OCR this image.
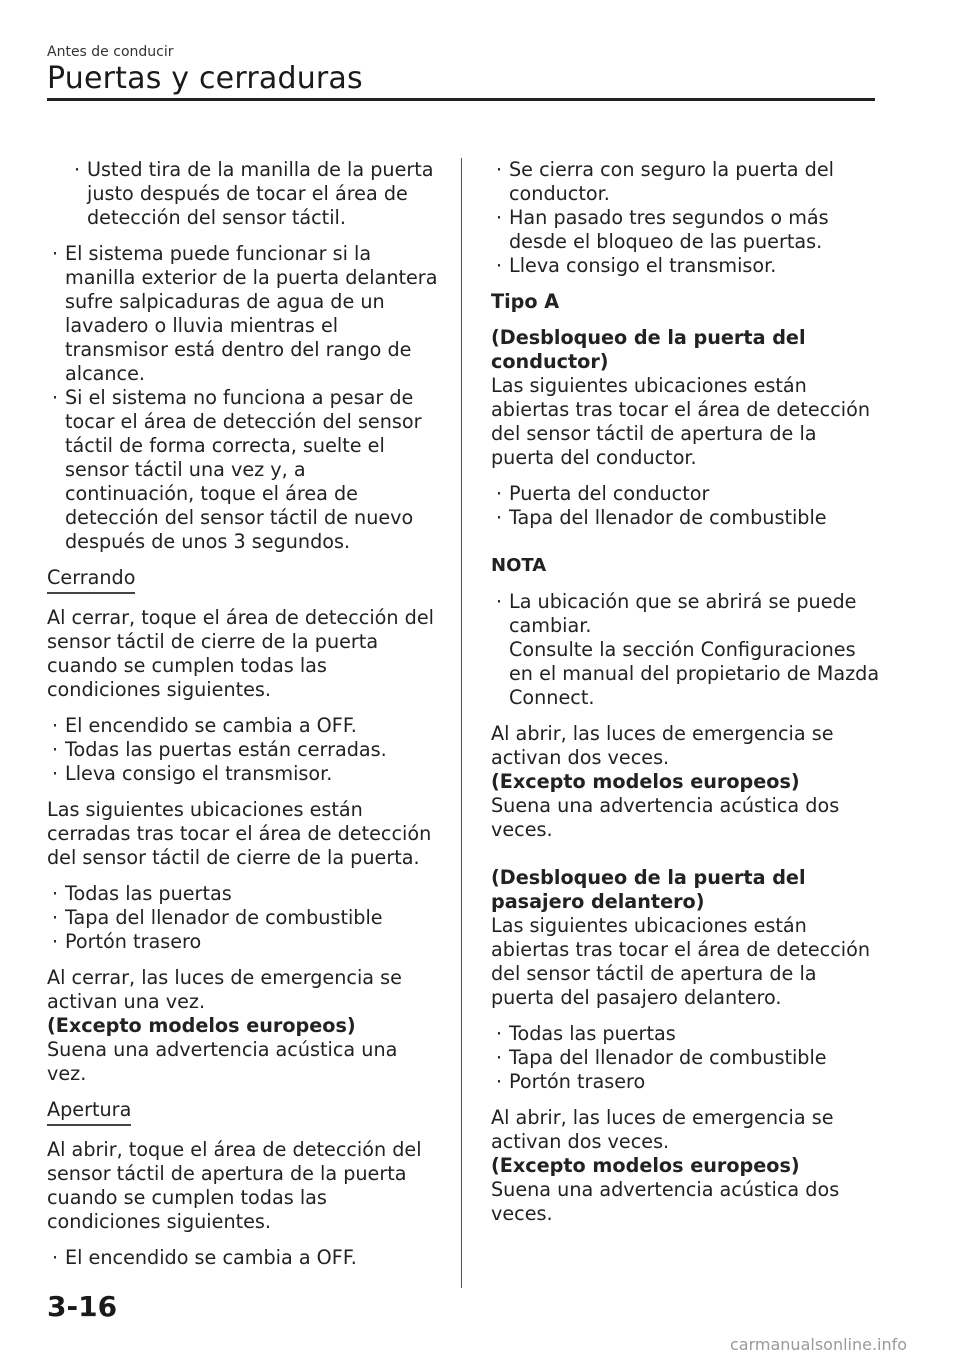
Antes de conducir
Puertas y cerraduras
· Usted tira de la manilla de la puerta justo después de tocar el área de detección del sensor táctil.
· El sistema puede funcionar si la manilla exterior de la puerta delantera sufre salpicaduras de agua de un lavadero o lluvia mientras el transmisor está dentro del rango de alcance.
· Si el sistema no funciona a pesar de tocar el área de detección del sensor táctil de forma correcta, suelte el sensor táctil una vez y, a continuación, toque el área de detección del sensor táctil de nuevo después de unos 3 segundos.
Cerrando

Al cerrar, toque el área de detección del sensor táctil de cierre de la puerta cuando se cumplen todas las condiciones siguientes.

· El encendido se cambia a OFF.
· Todas las puertas están cerradas.
· Lleva consigo el transmisor.

Las siguientes ubicaciones están cerradas tras tocar el área de detección del sensor táctil de cierre de la puerta.

· Todas las puertas
· Tapa del llenador de combustible
· Portón trasero

Al cerrar, las luces de emergencia se activan una vez.
(Excepto modelos europeos)
Suena una advertencia acústica una vez.

Apertura

Al abrir, toque el área de detección del sensor táctil de apertura de la puerta cuando se cumplen todas las condiciones siguientes.

· El encendido se cambia a OFF.
· Se cierra con seguro la puerta del conductor.
· Han pasado tres segundos o más desde el bloqueo de las puertas.
· Lleva consigo el transmisor.

Tipo A

(Desbloqueo de la puerta del conductor)
Las siguientes ubicaciones están abiertas tras tocar el área de detección del sensor táctil de apertura de la puerta del conductor.

· Puerta del conductor
· Tapa del llenador de combustible

NOTA

· La ubicación que se abrirá se puede cambiar.
Consulte la sección Configuraciones en el manual del propietario de Mazda Connect.

Al abrir, las luces de emergencia se activan dos veces.
(Excepto modelos europeos)
Suena una advertencia acústica dos veces.

(Desbloqueo de la puerta del pasajero delantero)
Las siguientes ubicaciones están abiertas tras tocar el área de detección del sensor táctil de apertura de la puerta del pasajero delantero.

· Todas las puertas
· Tapa del llenador de combustible
· Portón trasero

Al abrir, las luces de emergencia se activan dos veces.
(Excepto modelos europeos)
Suena una advertencia acústica dos veces.

3-16
carmanualsonline.info
